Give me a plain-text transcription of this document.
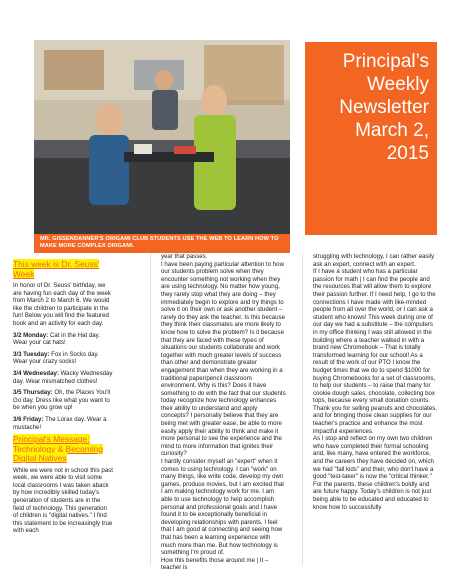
MR. GISSENDANNER'S ORIGAMI CLUB STUDENTS USE THE WEB TO LEARN HOW TO MAKE MORE COMPLEX ORIGAMI.
Principal’s
Weekly
Newsletter
March 2,
2015

This week is Dr. Seuss' Week

In honor of Dr. Seuss' birthday, we are having fun each day of the week from March 2 to March 6. We would like the children to participate in the fun! Below you will find the featured book and an activity for each day.

3/2 Monday: Cat in the Hat day. Wear your cat hats!

3/3 Tuesday: Fox in Socks day. Wear your crazy socks!

3/4 Wednesday: Wacky Wednesday day. Wear mismatched clothes!

3/5 Thursday: Oh, the Places You'll Go day. Dress like what you want to be when you grow up!

3/6 Friday: The Lorax day. Wear a mustache!

Principal's Message: Technology & Becoming Digital Natives

While we were not in school this past week, we were able to visit some local classrooms I was taken aback by how incredibly skilled today's generation of students are in the field of technology. This generation of children is "digital natives." I find this statement to be increasingly true with each

year that passes.
I have been paying particular attention to how our students problem solve when they encounter something not working when they are using technology. No matter how young, they rarely stop what they are doing – they immediately begin to explore and try things to solve it on their own or ask another student – rarely do they ask the teacher. Is this because they think their classmates are more likely to know how to solve the problem? Is it because that they are faced with these types of situations our students collaborate and work together with much greater levels of success than other and demonstrate greater engagement than when they are working in a traditional paper/pencil classroom environment. Why is this? Does it have something to do with the fact that our students today recognize how technology enhances their ability to understand and apply concepts? I personally believe that they are being met with greater ease, be able to more easily apply their ability to think and make it more personal to see the experience and the mind to more information that ignites their curiosity?
I hardly consider myself an "expert" when it comes to using technology. I can "work" on many things, like write code, develop my own games, produce movies, but I am excited that I am making technology work for me. I am able to use technology to help accomplish personal and professional goals and I have found it to be exceptionally beneficial in developing relationships with parents. I feel that I am good at connecting and seeing how that has been a learning experience with much more than me. But how technology is something I'm proud of.
How this benefits those around me | It – teacher is

struggling with technology, I can rather easily ask an expert, connect with an expert.
If I have a student who has a particular passion for math | I can find the people and the resources that will allow them to explore their passion further. If I need help, I go to the connections I have made with like-minded people from all over the world, or I can ask a student who knows! This week during one of our day we had a substitute – the computers in my office thinking I was still allowed in the building where a teacher walked in with a brand new Chromebook – That is totally transformed learning for our school! As a result of the work of our PTO I know the budget times that we do to spend $1000 for buying Chromebooks for a set of classrooms, to help our students – to raise that many for cookie dough sales, chocolate, collecting box tops, because every small donation counts. Thank you for selling peanuts and chocolates, and for bringing those clean supplies for our teacher's practice and enhance the most impactful experiences.
As I stop and reflect on my own two children who have completed their formal schooling and, like many, have entered the workforce, and the careers they have decided on, which we had "fall kids" and their, who don't have a good "test-taker" is now the "critical thinker." For the parents, these children's boldly and are future happy. Today's children is not just being able to be educated and educated to know how to successfully
